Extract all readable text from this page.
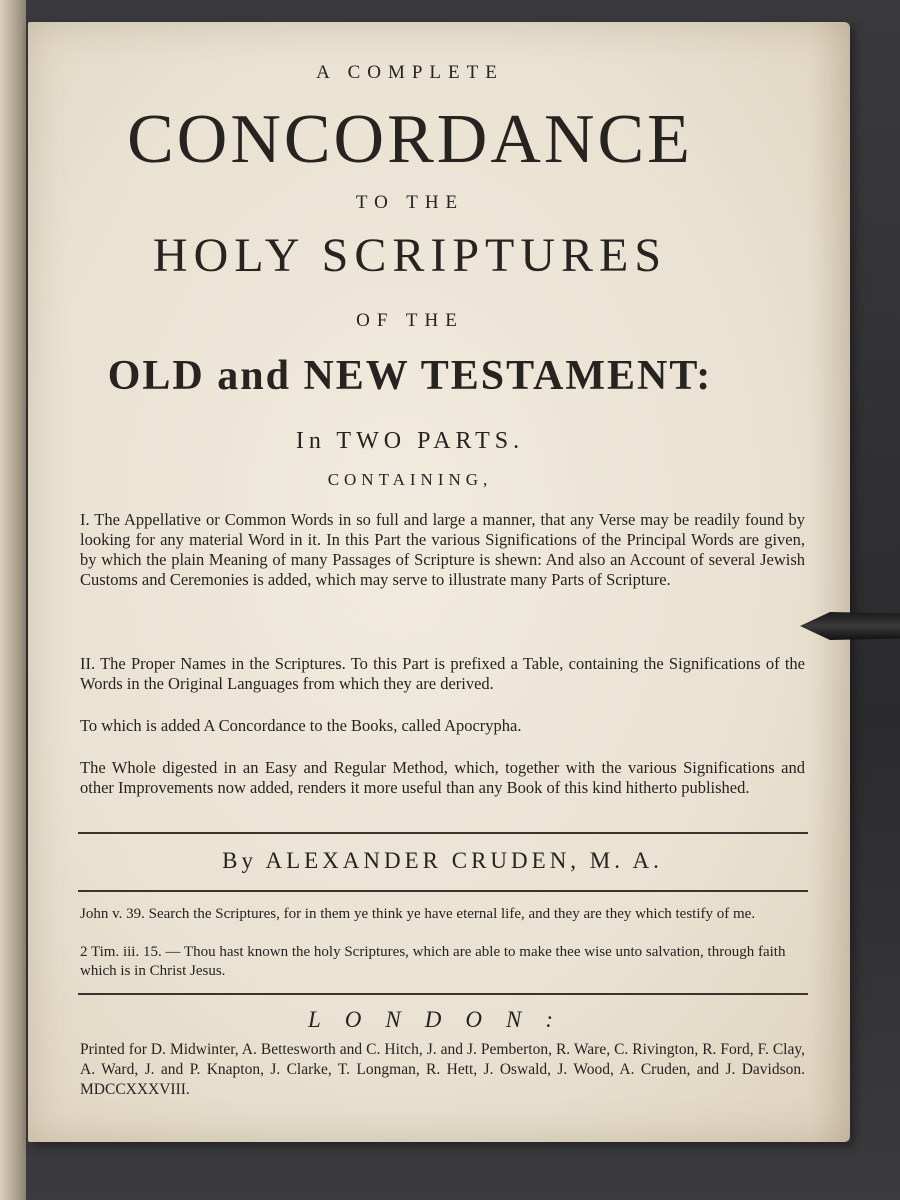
A COMPLETE
CONCORDANCE
TO THE
HOLY SCRIPTURES
OF THE
OLD and NEW TESTAMENT:
In TWO PARTS.
CONTAINING,
I. The Appellative or Common Words in so full and large a manner, that any Verse may be readily found by looking for any material Word in it. In this Part the various Significations of the Principal Words are given, by which the plain Meaning of many Passages of Scripture is shewn: And also an Account of several Jewish Customs and Ceremonies is added, which may serve to illustrate many Parts of Scripture.
II. The Proper Names in the Scriptures. To this Part is prefixed a Table, containing the Significations of the Words in the Original Languages from which they are derived.
To which is added A Concordance to the Books, called Apocrypha.
The Whole digested in an Easy and Regular Method, which, together with the various Significations and other Improvements now added, renders it more useful than any Book of this kind hitherto published.
By ALEXANDER CRUDEN, M. A.
John v. 39. Search the Scriptures, for in them ye think ye have eternal life, and they are they which testify of me.
2 Tim. iii. 15. — Thou hast known the holy Scriptures, which are able to make thee wise unto salvation, through faith which is in Christ Jesus.
LONDON:
Printed for D. Midwinter, A. Bettesworth and C. Hitch, J. and J. Pemberton, R. Ware, C. Rivington, R. Ford, F. Clay, A. Ward, J. and P. Knapton, J. Clarke, T. Longman, R. Hett, J. Oswald, J. Wood, A. Cruden, and J. Davidson. MDCCXXXVIII.
